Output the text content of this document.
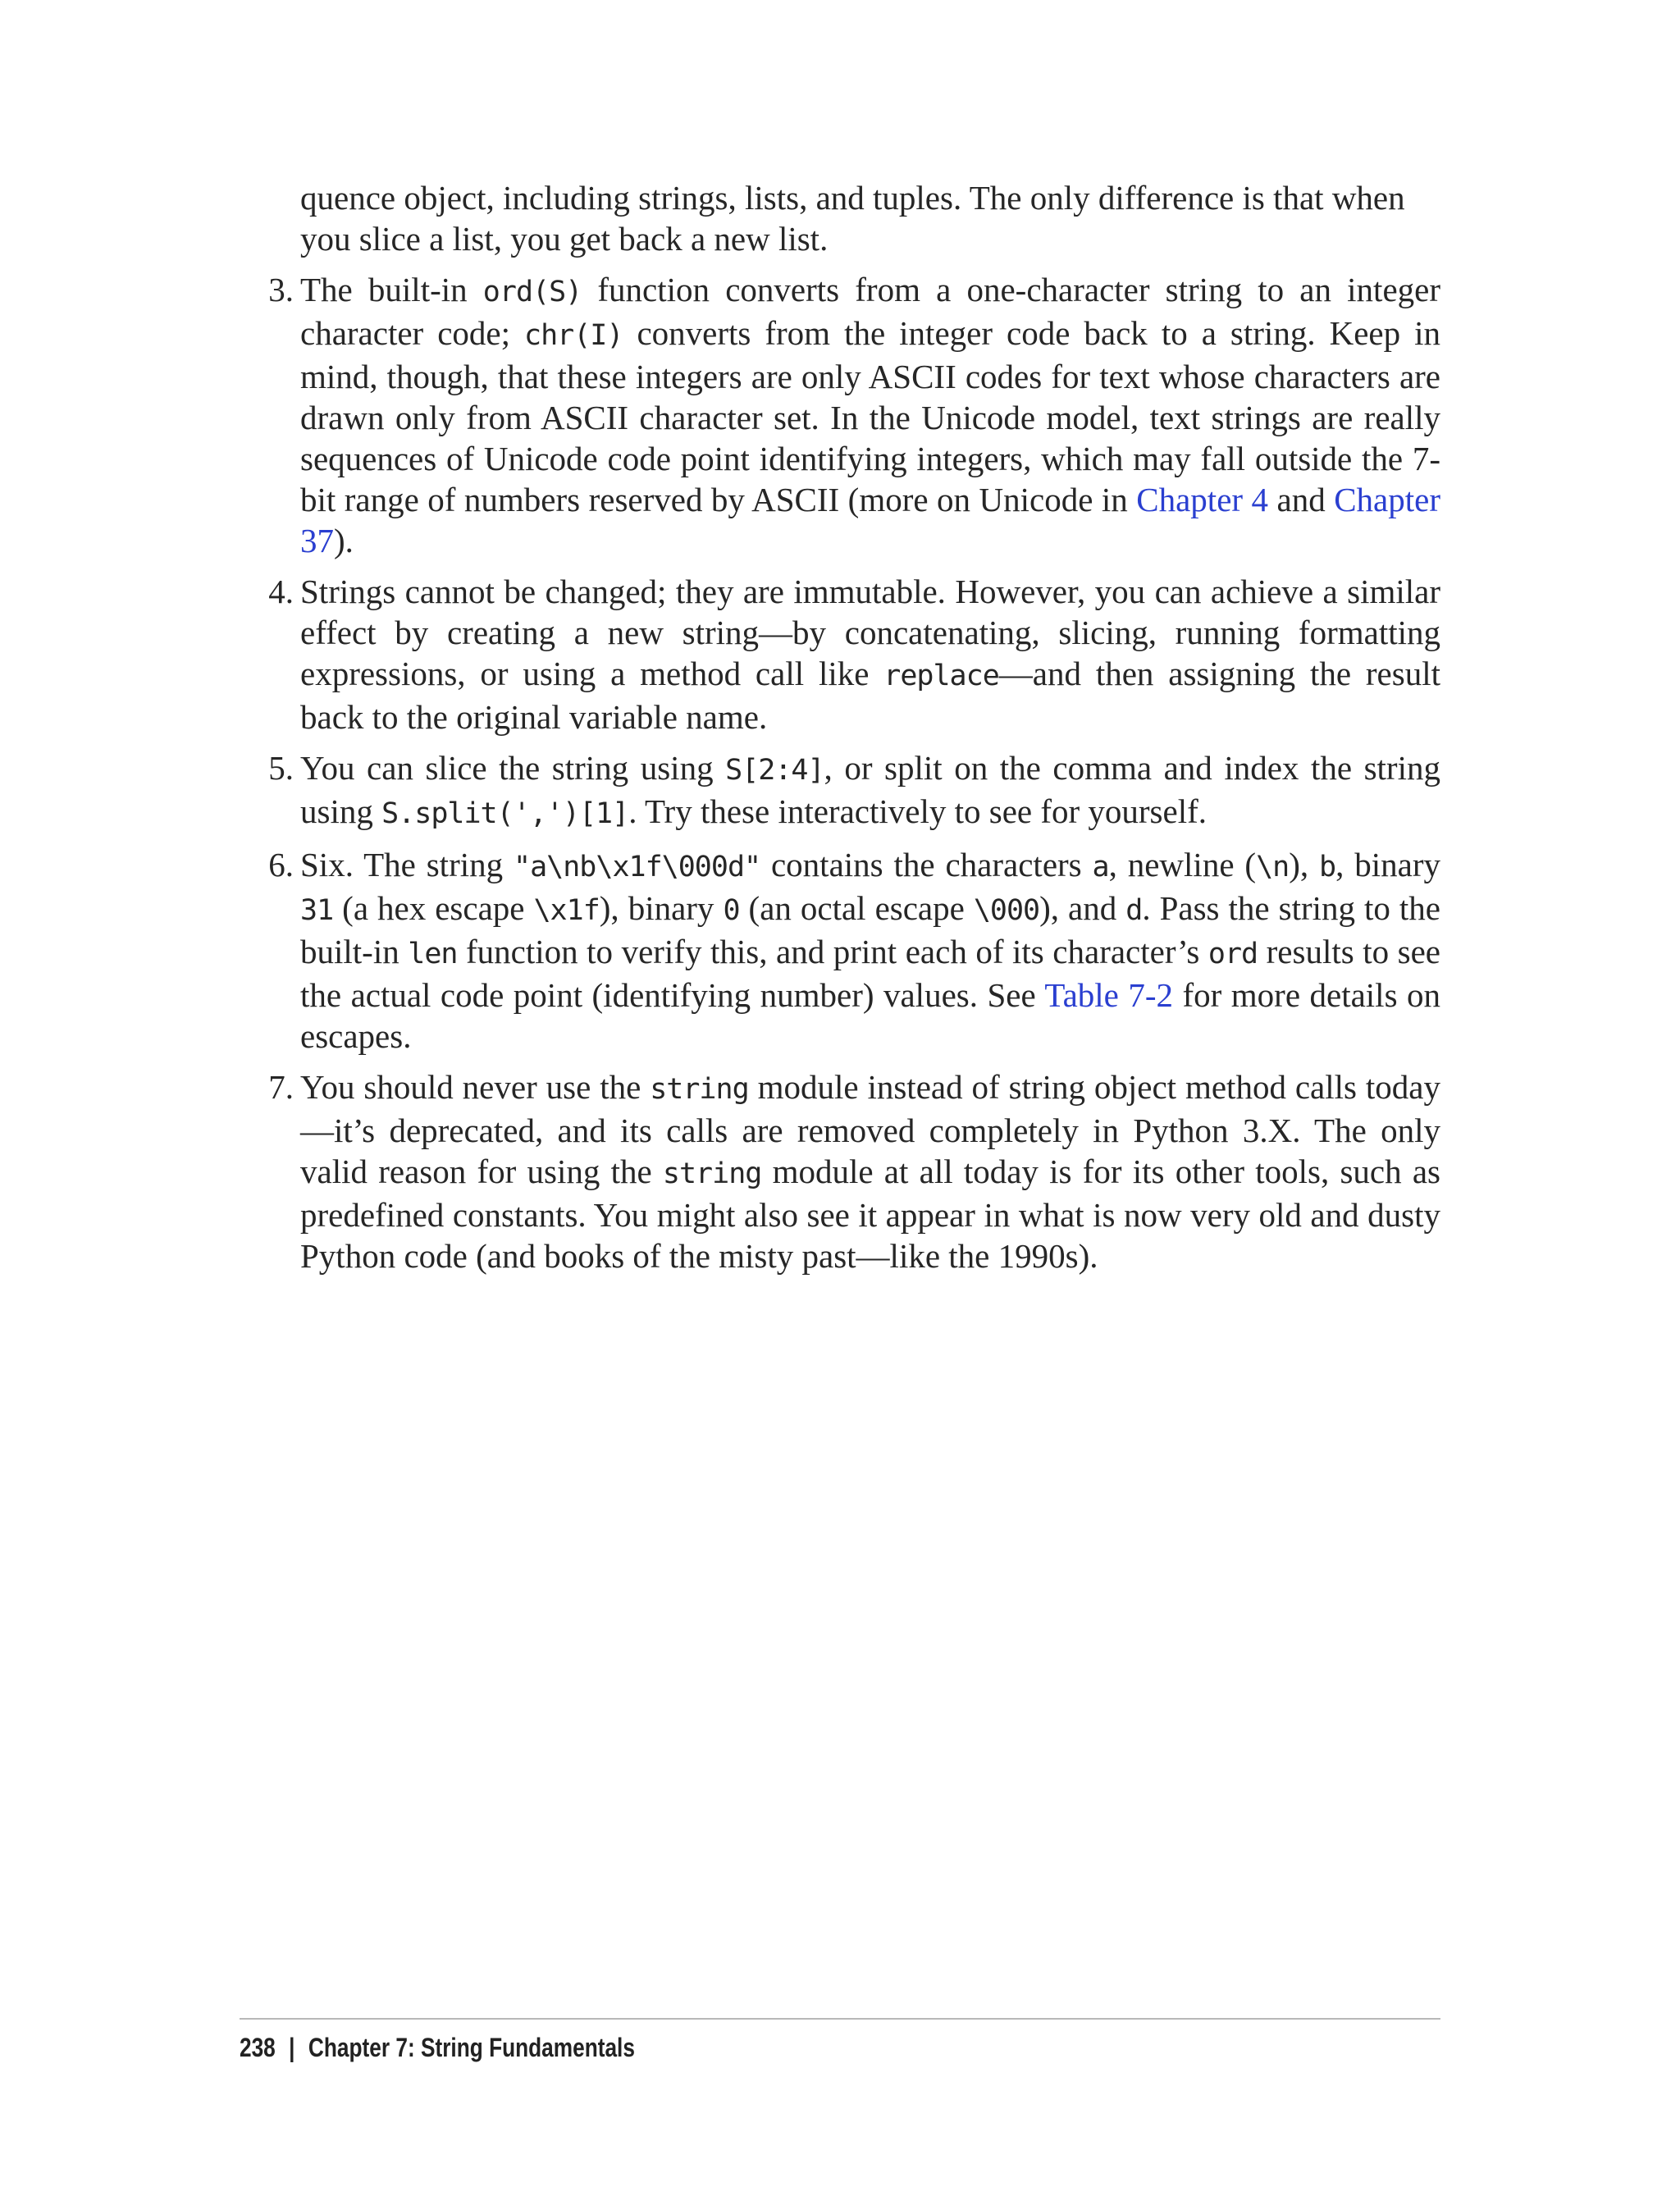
quence object, including strings, lists, and tuples. The only difference is that when you slice a list, you get back a new list.

3. The built-in ord(S) function converts from a one-character string to an integer character code; chr(I) converts from the integer code back to a string. Keep in mind, though, that these integers are only ASCII codes for text whose characters are drawn only from ASCII character set. In the Unicode model, text strings are really sequences of Unicode code point identifying integers, which may fall outside the 7-bit range of numbers reserved by ASCII (more on Unicode in Chapter 4 and Chapter 37).

4. Strings cannot be changed; they are immutable. However, you can achieve a similar effect by creating a new string—by concatenating, slicing, running formatting expressions, or using a method call like replace—and then assigning the result back to the original variable name.

5. You can slice the string using S[2:4], or split on the comma and index the string using S.split(',')[1]. Try these interactively to see for yourself.

6. Six. The string "a\nb\x1f\000d" contains the characters a, newline (\n), b, binary 31 (a hex escape \x1f), binary 0 (an octal escape \000), and d. Pass the string to the built-in len function to verify this, and print each of its character’s ord results to see the actual code point (identifying number) values. See Table 7-2 for more details on escapes.

7. You should never use the string module instead of string object method calls today —it’s deprecated, and its calls are removed completely in Python 3.X. The only valid reason for using the string module at all today is for its other tools, such as predefined constants. You might also see it appear in what is now very old and dusty Python code (and books of the misty past—like the 1990s).

238 | Chapter 7: String Fundamentals
